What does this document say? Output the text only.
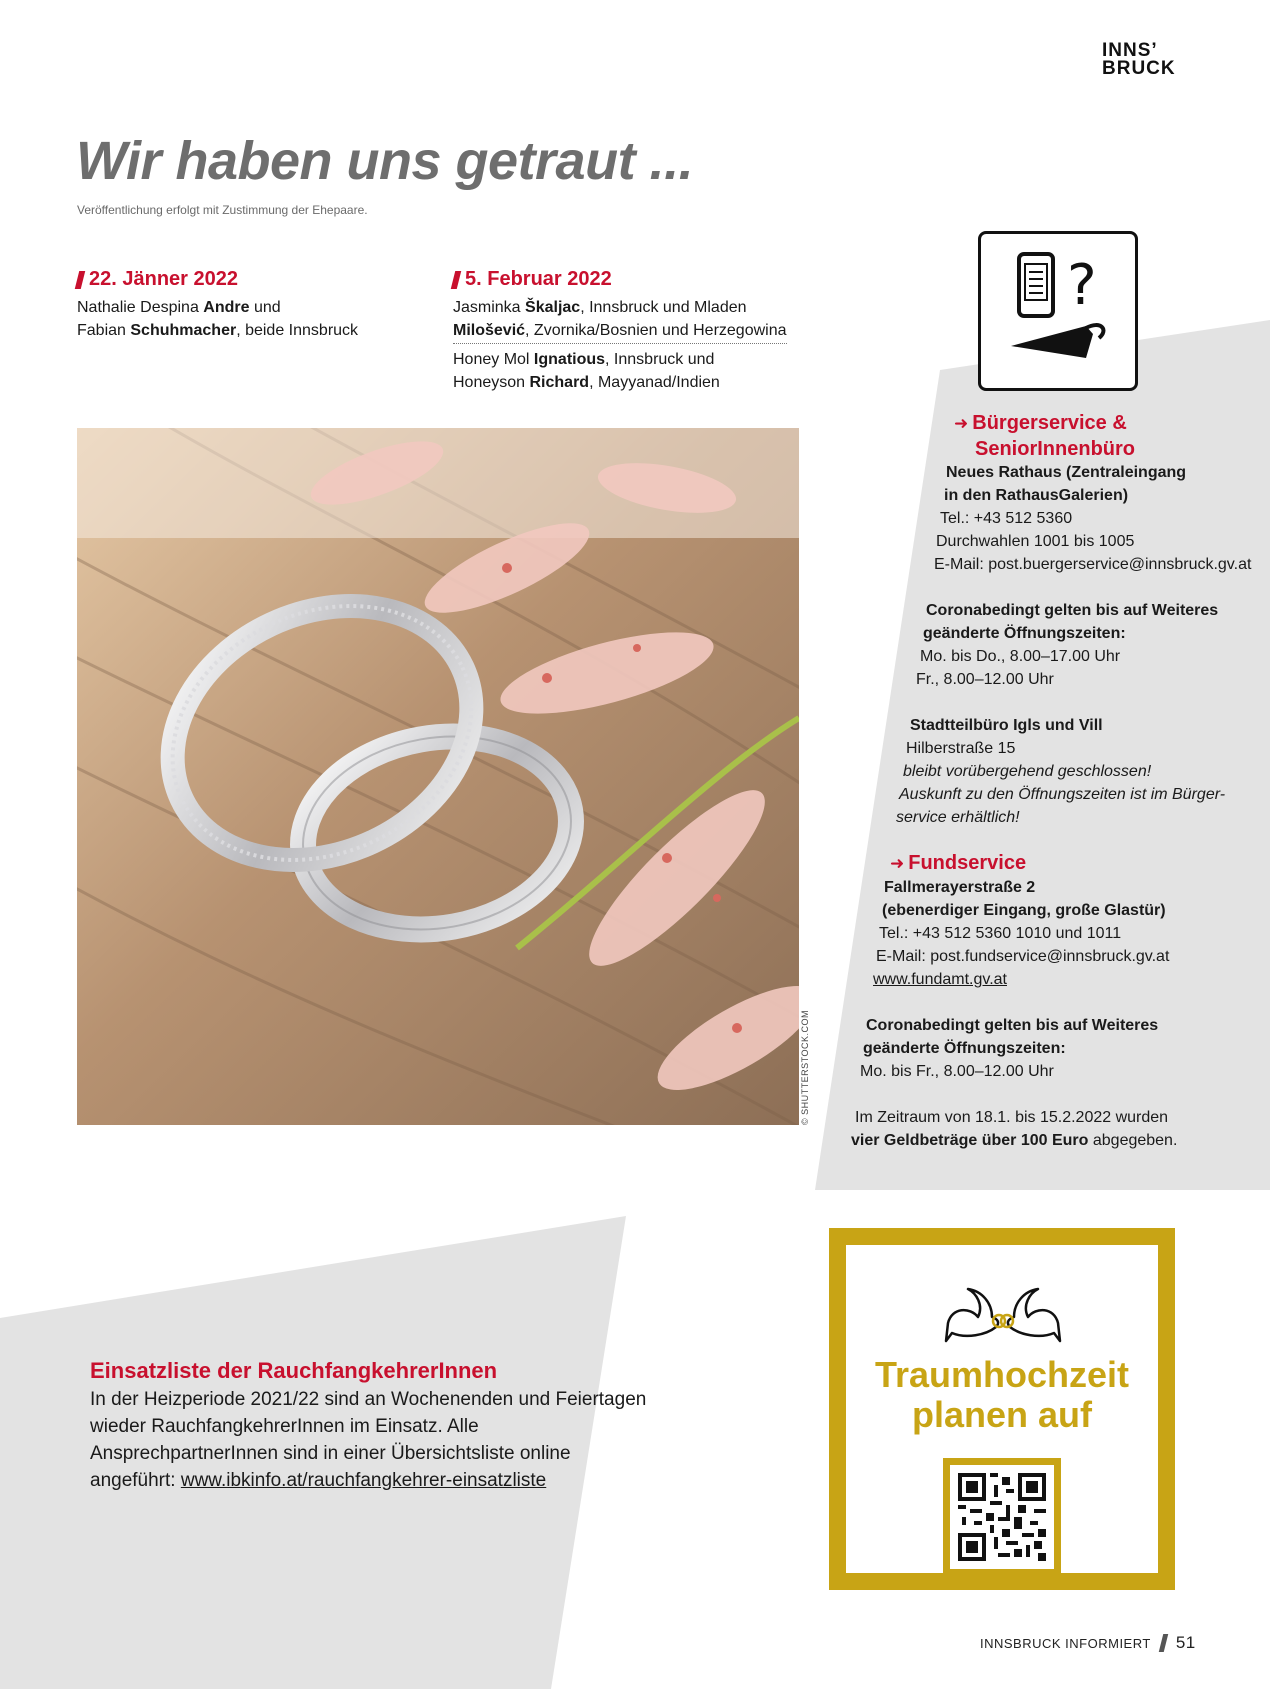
INNS’
BRUCK
Wir haben uns getraut ...
Veröffentlichung erfolgt mit Zustimmung der Ehepaare.
22. Jänner 2022
Nathalie Despina Andre und
Fabian Schuhmacher, beide Innsbruck
5. Februar 2022
Jasminka Škaljac, Innsbruck und Mladen
Milošević, Zvornika/Bosnien und Herzegowina
Honey Mol Ignatious, Innsbruck und
Honeyson Richard, Mayyanad/Indien
© SHUTTERSTOCK.COM
?
➜ Bürgerservice &
SeniorInnenbüro
Neues Rathaus (Zentraleingang
in den RathausGalerien)
Tel.: +43 512 5360
Durchwahlen 1001 bis 1005
E-Mail: post.buergerservice@innsbruck.gv.at
Coronabedingt gelten bis auf Weiteres
geänderte Öffnungszeiten:
Mo. bis Do., 8.00–17.00 Uhr
Fr., 8.00–12.00 Uhr
Stadtteilbüro Igls und Vill
Hilberstraße 15
bleibt vorübergehend geschlossen!
Auskunft zu den Öffnungszeiten ist im Bürger-
service erhältlich!
➜ Fundservice
Fallmerayerstraße 2
(ebenerdiger Eingang, große Glastür)
Tel.: +43 512 5360 1010 und 1011
E-Mail: post.fundservice@innsbruck.gv.at
www.fundamt.gv.at
Coronabedingt gelten bis auf Weiteres
geänderte Öffnungszeiten:
Mo. bis Fr., 8.00–12.00 Uhr
Im Zeitraum von 18.1. bis 15.2.2022 wurden
vier Geldbeträge über 100 Euro abgegeben.
Einsatzliste der RauchfangkehrerInnen
In der Heizperiode 2021/22 sind an Wochenenden und Feiertagen wieder RauchfangkehrerInnen im Einsatz. Alle AnsprechpartnerInnen sind in einer Übersichtsliste online angeführt: www.ibkinfo.at/rauchfangkehrer-einsatzliste
Traumhochzeit
planen auf
INNSBRUCK INFORMIERT 51
